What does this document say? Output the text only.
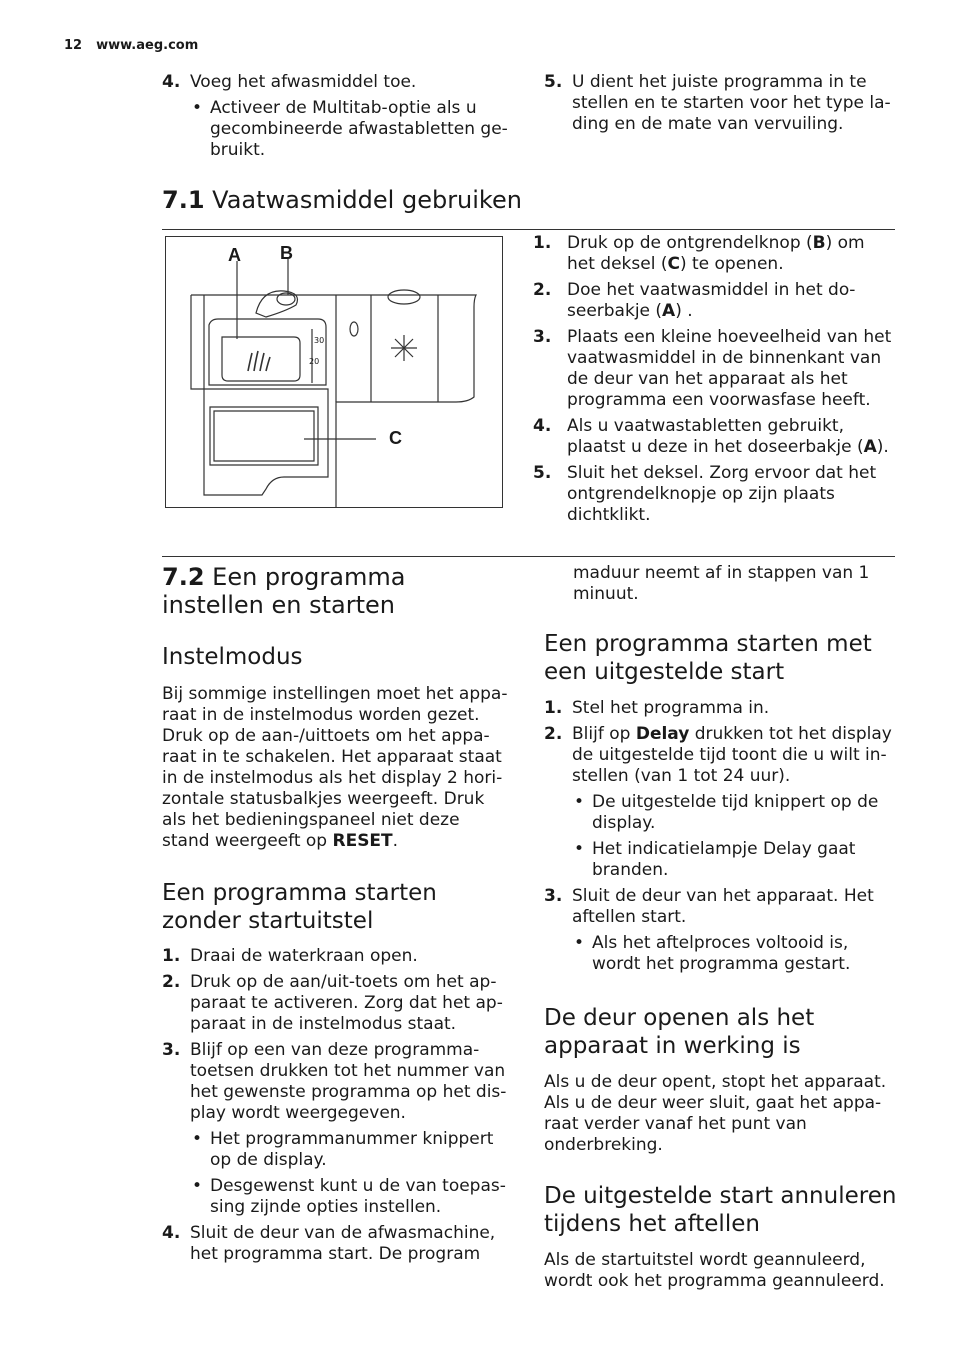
12 www.aeg.com
4. Voeg het afwasmiddel toe.
• Activeer de Multitab-optie als u gecombineerde afwastabletten gebruikt.
5. U dient het juiste programma in te stellen en te starten voor het type lading en de mate van vervuiling.
7.1 Vaatwasmiddel gebruiken
A B
C
30
20
1. Druk op de ontgrendelknop (B) om het deksel (C) te openen.
2. Doe het vaatwasmiddel in het doseerbakje (A) .
3. Plaats een kleine hoeveelheid van het vaatwasmiddel in de binnenkant van de deur van het apparaat als het programma een voorwasfase heeft.
4. Als u vaatwastabletten gebruikt, plaatst u deze in het doseerbakje (A).
5. Sluit het deksel. Zorg ervoor dat het ontgrendelknopje op zijn plaats dichtklikt.
7.2 Een programma instellen en starten
Instelmodus
Bij sommige instellingen moet het apparaat in de instelmodus worden gezet. Druk op de aan-/uittoets om het apparaat in te schakelen. Het apparaat staat in de instelmodus als het display 2 horizontale statusbalkjes weergeeft. Druk als het bedieningspaneel niet deze stand weergeeft op RESET.
Een programma starten zonder startuitstel
1. Draai de waterkraan open.
2. Druk op de aan/uit-toets om het apparaat te activeren. Zorg dat het apparaat in de instelmodus staat.
3. Blijf op een van deze programmatoetsen drukken tot het nummer van het gewenste programma op het display wordt weergegeven.
• Het programmanummer knippert op de display.
• Desgewenst kunt u de van toepassing zijnde opties instellen.
4. Sluit de deur van de afwasmachine, het programma start. De program
maduur neemt af in stappen van 1 minuut.
Een programma starten met een uitgestelde start
1. Stel het programma in.
2. Blijf op Delay drukken tot het display de uitgestelde tijd toont die u wilt instellen (van 1 tot 24 uur).
• De uitgestelde tijd knippert op de display.
• Het indicatielampje Delay gaat branden.
3. Sluit de deur van het apparaat. Het aftellen start.
• Als het aftelproces voltooid is, wordt het programma gestart.
De deur openen als het apparaat in werking is
Als u de deur opent, stopt het apparaat. Als u de deur weer sluit, gaat het apparaat verder vanaf het punt van onderbreking.
De uitgestelde start annuleren tijdens het aftellen
Als de startuitstel wordt geannuleerd, wordt ook het programma geannuleerd.
